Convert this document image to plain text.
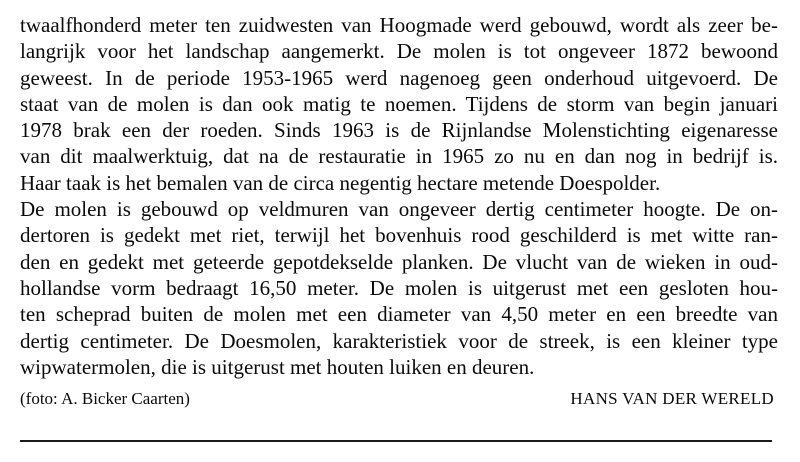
twaalfhonderd meter ten zuidwesten van Hoogmade werd gebouwd, wordt als zeer be-
langrijk voor het landschap aangemerkt. De molen is tot ongeveer 1872 bewoond
geweest. In de periode 1953-1965 werd nagenoeg geen onderhoud uitgevoerd. De
staat van de molen is dan ook matig te noemen. Tijdens de storm van begin januari
1978 brak een der roeden. Sinds 1963 is de Rijnlandse Molenstichting eigenaresse
van dit maalwerktuig, dat na de restauratie in 1965 zo nu en dan nog in bedrijf is.
Haar taak is het bemalen van de circa negentig hectare metende Doespolder.
De molen is gebouwd op veldmuren van ongeveer dertig centimeter hoogte. De on-
dertoren is gedekt met riet, terwijl het bovenhuis rood geschilderd is met witte ran-
den en gedekt met geteerde gepotdekselde planken. De vlucht van de wieken in oud-
hollandse vorm bedraagt 16,50 meter. De molen is uitgerust met een gesloten hou-
ten scheprad buiten de molen met een diameter van 4,50 meter en een breedte van
dertig centimeter. De Doesmolen, karakteristiek voor de streek, is een kleiner type
wipwatermolen, die is uitgerust met houten luiken en deuren.
(foto: A. Bicker Caarten)	HANS VAN DER WERELD
